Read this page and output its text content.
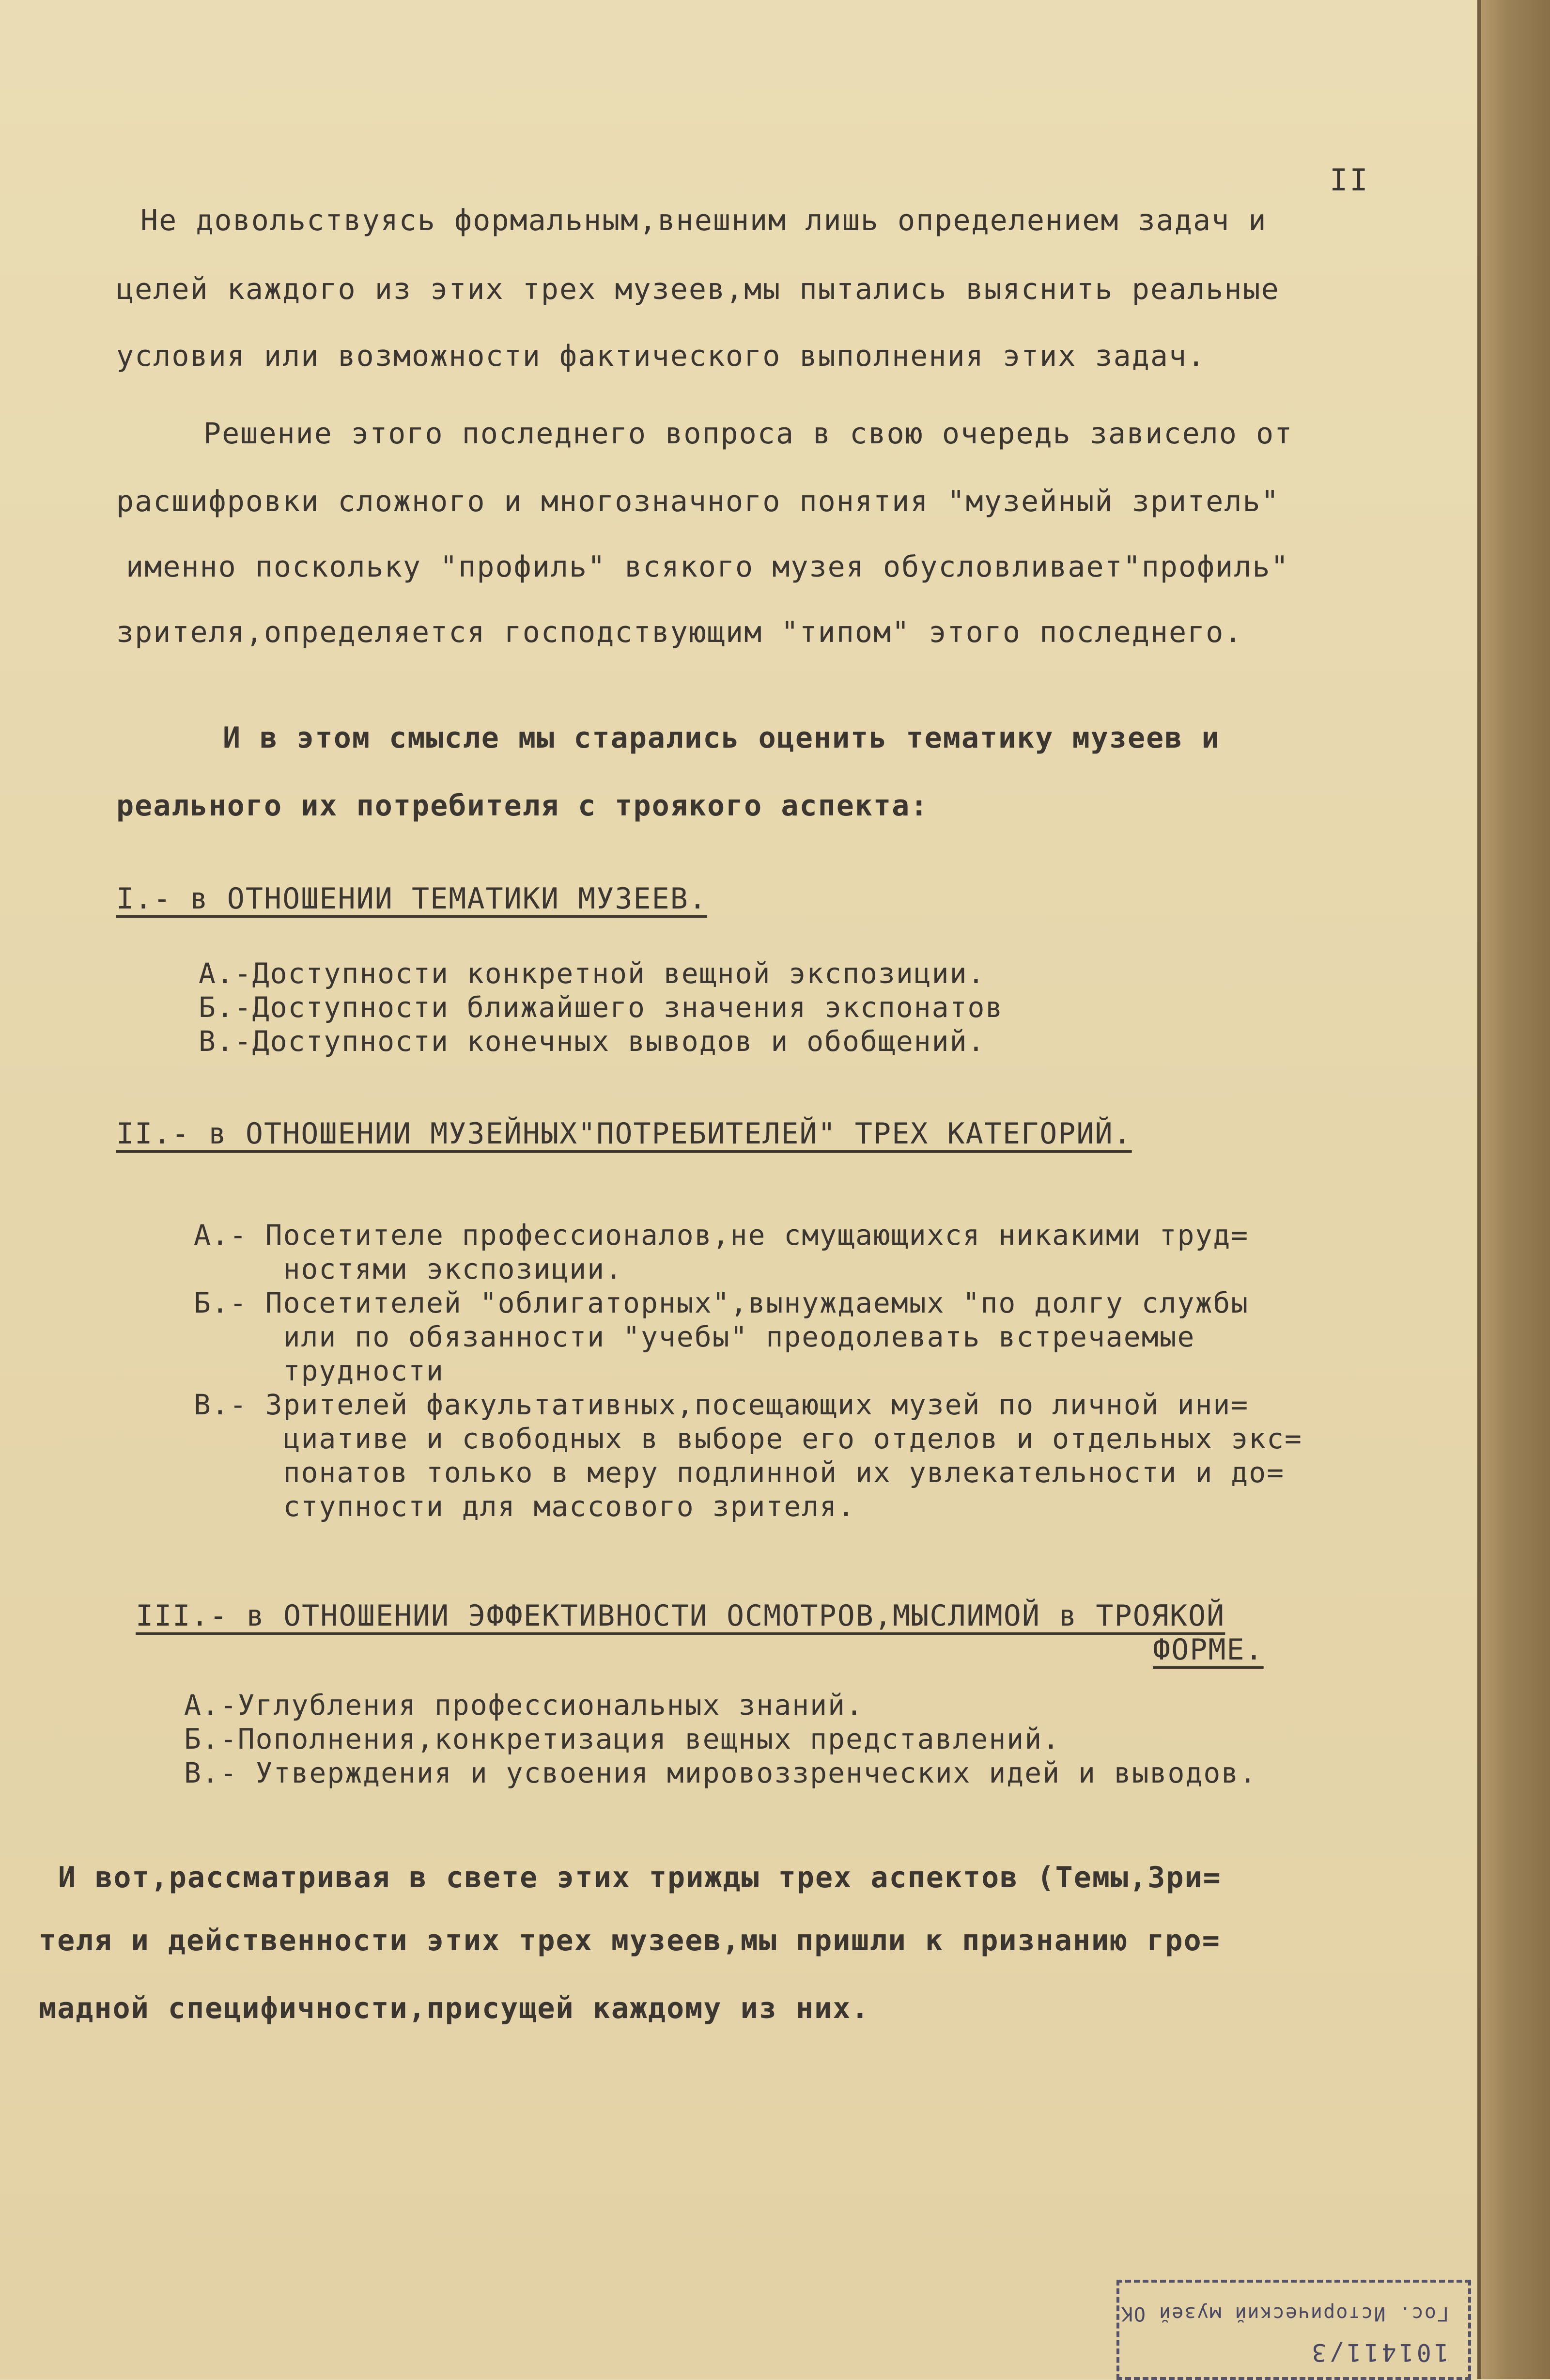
II
Не довольствуясь формальным,внешним лишь определением задач и
целей каждого из этих трех музеев,мы пытались выяснить реальные
условия или возможности фактического выполнения этих задач.
Решение этого последнего вопроса в свою очередь зависело от
расшифровки сложного и многозначного понятия "музейный зритель"
именно поскольку "профиль" всякого музея обусловливает"профиль"
зрителя,определяется господствующим "типом" этого последнего.
И в этом смысле мы старались оценить тематику музеев и
реального их потребителя с троякого аспекта:
I.- в ОТНОШЕНИИ ТЕМАТИКИ МУЗЕЕВ.
А.-Доступности конкретной вещной экспозиции.
Б.-Доступности ближайшего значения экспонатов
В.-Доступности конечных выводов и обобщений.
II.- в ОТНОШЕНИИ МУЗЕЙНЫХ"ПОТРЕБИТЕЛЕЙ" ТРЕХ КАТЕГОРИЙ.
А.- Посетителе профессионалов,не смущающихся никакими труд=
ностями экспозиции.
Б.- Посетителей "облигаторных",вынуждаемых "по долгу службы
или по обязанности "учебы" преодолевать встречаемые
трудности
В.- Зрителей факультативных,посещающих музей по личной ини=
циативе и свободных в выборе его отделов и отдельных экс=
понатов только в меру подлинной их увлекательности и до=
ступности для массового зрителя.
III.- в ОТНОШЕНИИ ЭФФЕКТИВНОСТИ ОСМОТРОВ,МЫСЛИМОЙ в ТРОЯКОЙ
ФОРМЕ.
А.-Углубления профессиональных знаний.
Б.-Пополнения,конкретизация вещных представлений.
В.- Утверждения и усвоения мировоззренческих идей и выводов.
И вот,рассматривая в свете этих трижды трех аспектов (Темы,Зри=
теля и действенности этих трех музеев,мы пришли к признанию гро=
мадной специфичности,присущей каждому из них.
101411/3
Гос. Исторический музей ОК
